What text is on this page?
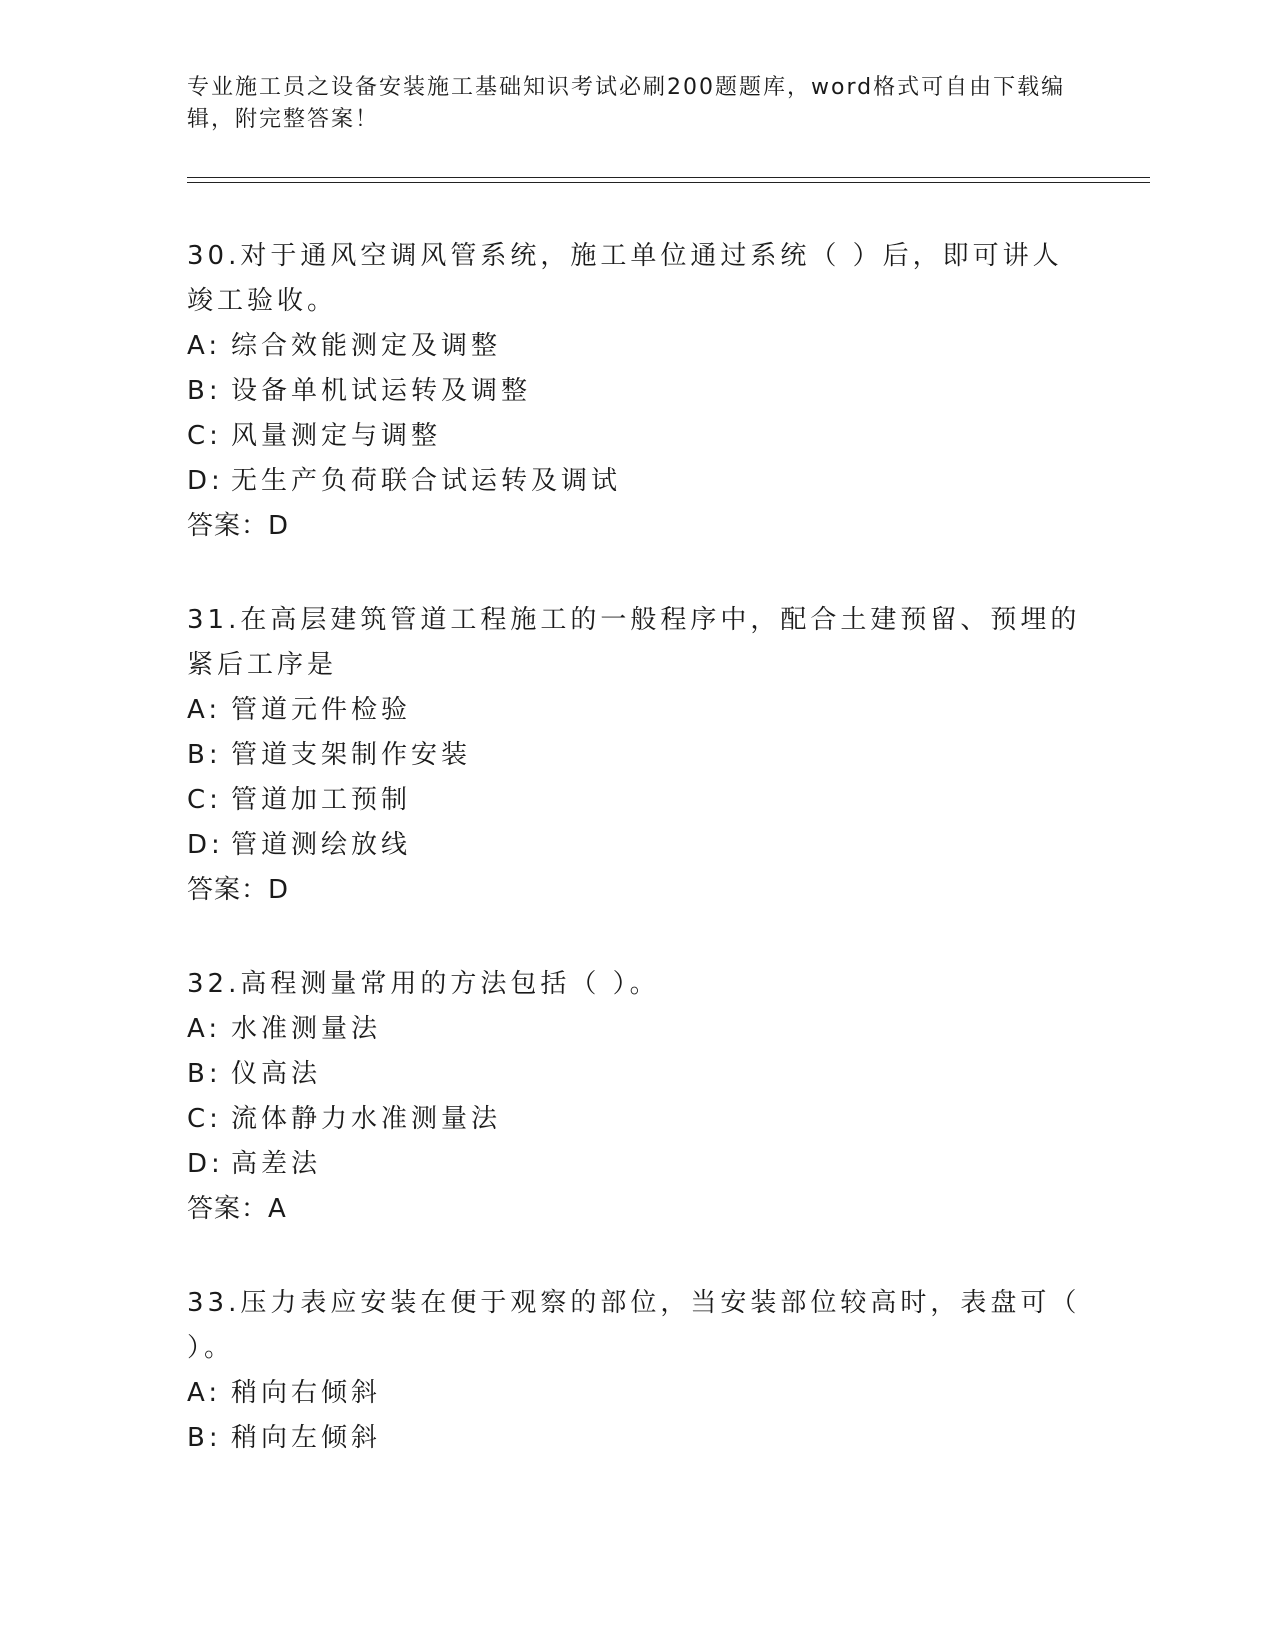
专业施工员之设备安装施工基础知识考试必刷200题题库，word格式可自由下载编辑，附完整答案！

30.对于通风空调风管系统，施工单位通过系统（ ）后，即可讲人竣工验收。

A: 综合效能测定及调整
B: 设备单机试运转及调整
C: 风量测定与调整
D: 无生产负荷联合试运转及调试
答案：D

31.在高层建筑管道工程施工的一般程序中，配合土建预留、预埋的紧后工序是

A: 管道元件检验
B: 管道支架制作安装
C: 管道加工预制
D: 管道测绘放线
答案：D

32.高程测量常用的方法包括（ ）。

A: 水准测量法
B: 仪高法
C: 流体静力水准测量法
D: 高差法
答案：A

33.压力表应安装在便于观察的部位，当安装部位较高时，表盘可（ ）。

A: 稍向右倾斜
B: 稍向左倾斜
